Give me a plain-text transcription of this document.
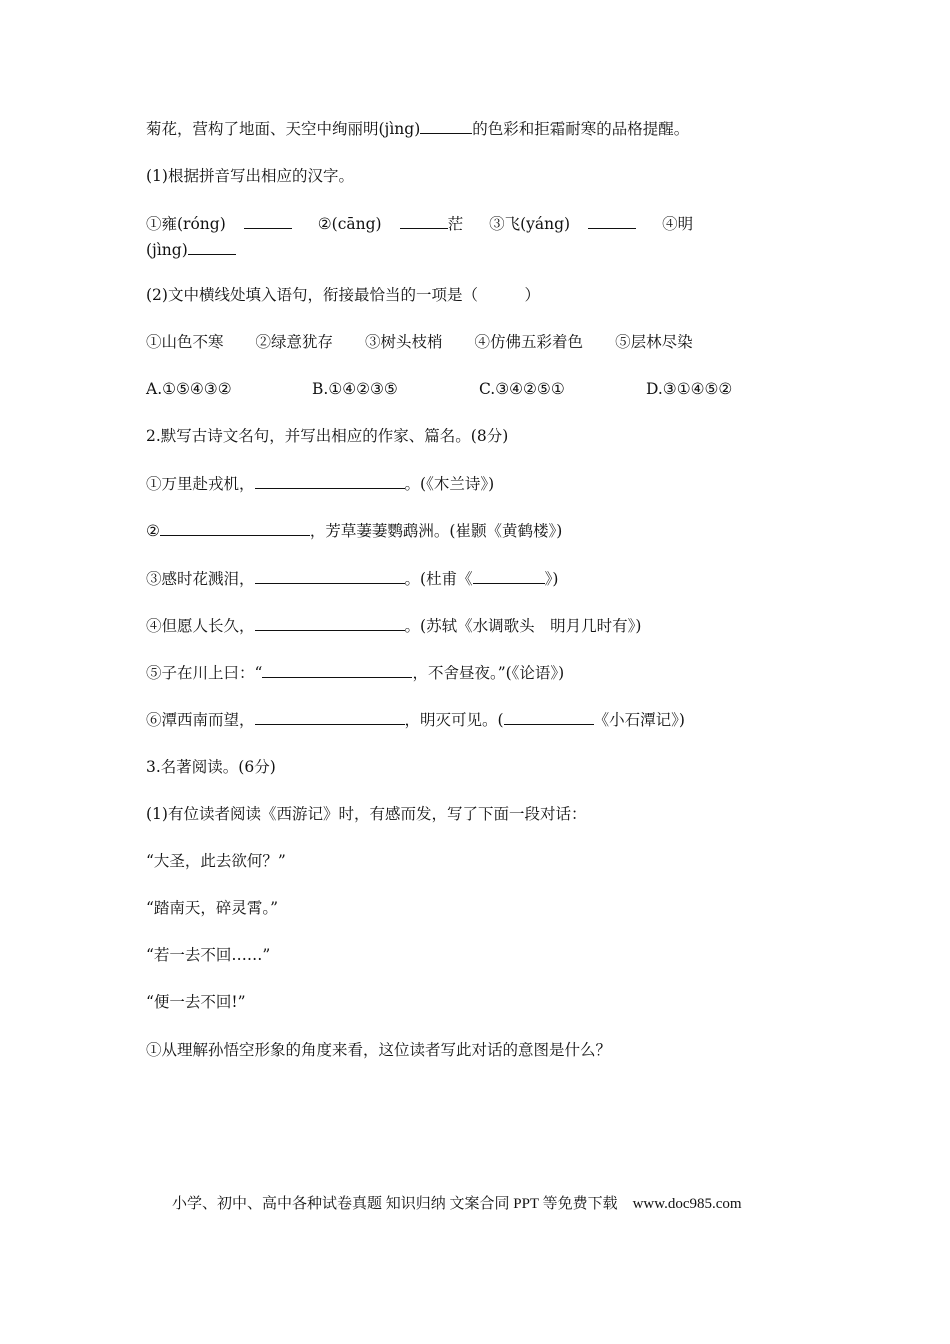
菊花，营构了地面、天空中绚丽明(jìng)	的色彩和拒霜耐寒的品格提醒。
(1)根据拼音写出相应的汉字。
①雍(róng)	②(cāng)	茫 ③飞(yáng)	④明
(jìng)
(2)文中横线处填入语句，衔接最恰当的一项是（　　　）
①山色不寒 ②绿意犹存 ③树头枝梢 ④仿佛五彩着色 ⑤层林尽染
A.①⑤④③②	B.①④②③⑤	C.③④②⑤①	D.③①④⑤②
2.默写古诗文名句，并写出相应的作家、篇名。(8分)
①万里赴戎机，	。(《木兰诗》)
②	，芳草萋萋鹦鹉洲。(崔颢《黄鹤楼》)
③感时花溅泪，	。(杜甫《	》)
④但愿人长久，	。(苏轼《水调歌头　明月几时有》)
⑤子在川上曰：“	，不舍昼夜。”(《论语》)
⑥潭西南而望，	，明灭可见。(	《小石潭记》)
3.名著阅读。(6分)
(1)有位读者阅读《西游记》时，有感而发，写了下面一段对话：
“大圣，此去欲何？”
“踏南天，碎灵霄。”
“若一去不回……”
“便一去不回!”
①从理解孙悟空形象的角度来看，这位读者写此对话的意图是什么？
小学、初中、高中各种试卷真题 知识归纳 文案合同 PPT 等免费下载　www.doc985.com
